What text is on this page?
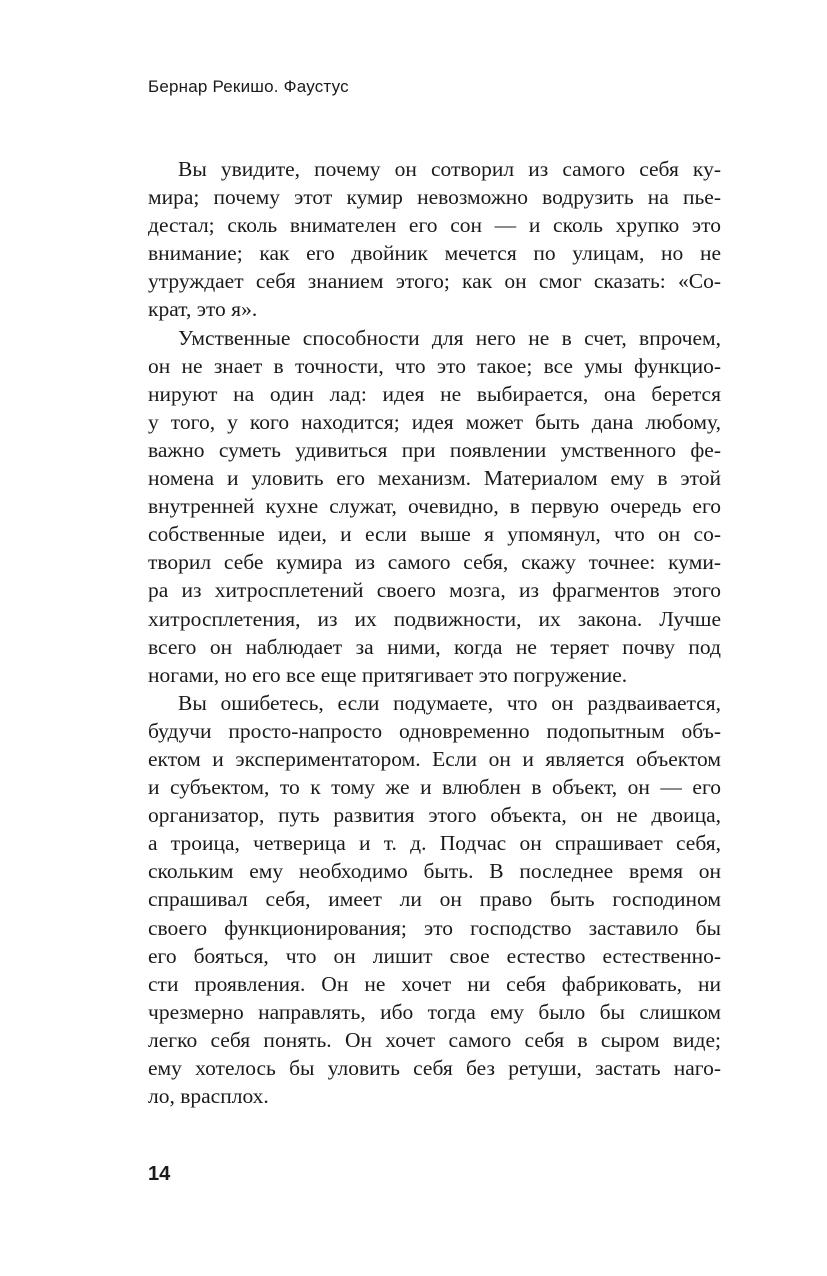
Бернар Рекишо. Фаустус
Вы увидите, почему он сотворил из самого себя ку-
мира; почему этот кумир невозможно водрузить на пье-
дестал; сколь внимателен его сон — и сколь хрупко это
внимание; как его двойник мечется по улицам, но не
утруждает себя знанием этого; как он смог сказать: «Со-
крат, это я».
Умственные способности для него не в счет, впрочем,
он не знает в точности, что это такое; все умы функцио-
нируют на один лад: идея не выбирается, она берется
у того, у кого находится; идея может быть дана любому,
важно суметь удивиться при появлении умственного фе-
номена и уловить его механизм. Материалом ему в этой
внутренней кухне служат, очевидно, в первую очередь его
собственные идеи, и если выше я упомянул, что он со-
творил себе кумира из самого себя, скажу точнее: куми-
ра из хитросплетений своего мозга, из фрагментов этого
хитросплетения, из их подвижности, их закона. Лучше
всего он наблюдает за ними, когда не теряет почву под
ногами, но его все еще притягивает это погружение.
Вы ошибетесь, если подумаете, что он раздваивается,
будучи просто-напросто одновременно подопытным объ-
ектом и экспериментатором. Если он и является объектом
и субъектом, то к тому же и влюблен в объект, он — его
организатор, путь развития этого объекта, он не двоица,
а троица, четверица и т. д. Подчас он спрашивает себя,
скольким ему необходимо быть. В последнее время он
спрашивал себя, имеет ли он право быть господином
своего функционирования; это господство заставило бы
его бояться, что он лишит свое естество естественно-
сти проявления. Он не хочет ни себя фабриковать, ни
чрезмерно направлять, ибо тогда ему было бы слишком
легко себя понять. Он хочет самого себя в сыром виде;
ему хотелось бы уловить себя без ретуши, застать наго-
ло, врасплох.
14
